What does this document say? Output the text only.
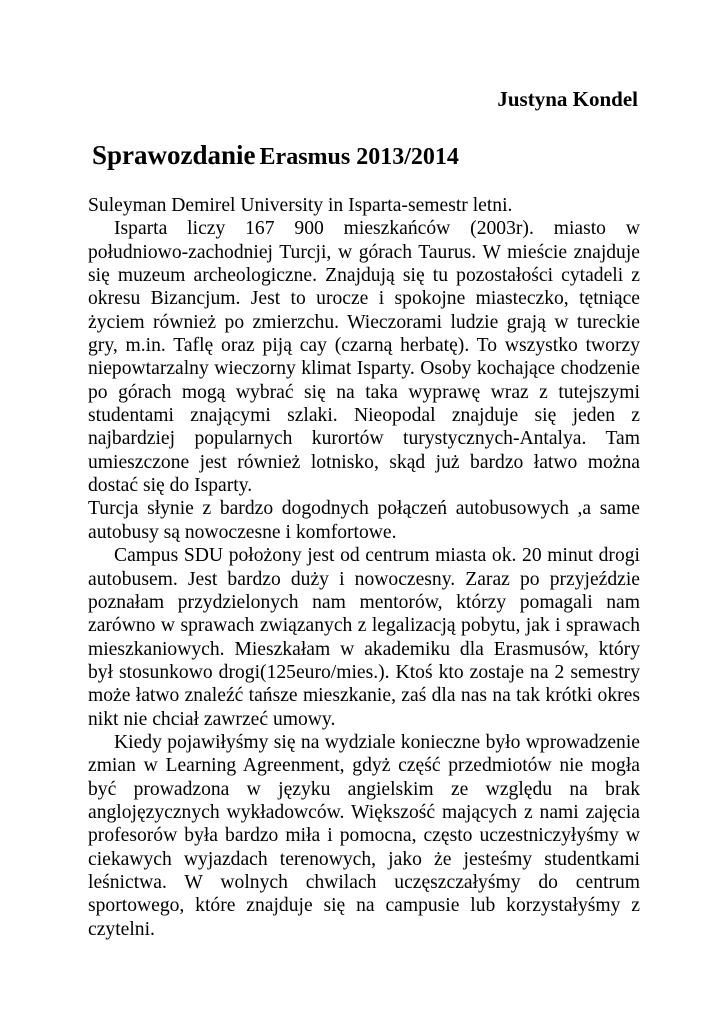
Justyna Kondel
Sprawozdanie Erasmus 2013/2014

Suleyman Demirel University in Isparta-semestr letni.

Isparta liczy 167 900 mieszkańców (2003r). miasto w południowo-zachodniej Turcji, w górach Taurus. W mieście znajduje się muzeum archeologiczne. Znajdują się tu pozostałości cytadeli z okresu Bizancjum. Jest to urocze i spokojne miasteczko, tętniące życiem również po zmierzchu. Wieczorami ludzie grają w tureckie gry, m.in. Taflę oraz piją cay (czarną herbatę). To wszystko tworzy niepowtarzalny wieczorny klimat Isparty. Osoby kochające chodzenie po górach mogą wybrać się na taka wyprawę wraz z tutejszymi studentami znającymi szlaki. Nieopodal znajduje się jeden z najbardziej popularnych kurortów turystycznych-Antalya. Tam umieszczone jest również lotnisko, skąd już bardzo łatwo można dostać się do Isparty.

Turcja słynie z bardzo dogodnych połączeń autobusowych ,a same autobusy są nowoczesne i komfortowe.

Campus SDU położony jest od centrum miasta ok. 20 minut drogi autobusem. Jest bardzo duży i nowoczesny. Zaraz po przyjeździe poznałam przydzielonych nam mentorów, którzy pomagali nam zarówno w sprawach związanych z legalizacją pobytu, jak i sprawach mieszkaniowych. Mieszkałam w akademiku dla Erasmusów, który był stosunkowo drogi(125euro/mies.). Ktoś kto zostaje na 2 semestry może łatwo znaleźć tańsze mieszkanie, zaś dla nas na tak krótki okres nikt nie chciał zawrzeć umowy.

Kiedy pojawiłyśmy się na wydziale konieczne było wprowadzenie zmian w Learning Agreenment, gdyż część przedmiotów nie mogła być prowadzona w języku angielskim ze względu na brak anglojęzycznych wykładowców. Większość mających z nami zajęcia profesorów była bardzo miła i pomocna, często uczestniczyłyśmy w ciekawych wyjazdach terenowych, jako że jesteśmy studentkami leśnictwa. W wolnych chwilach uczęszczałyśmy do centrum sportowego, które znajduje się na campusie lub korzystałyśmy z czytelni.
